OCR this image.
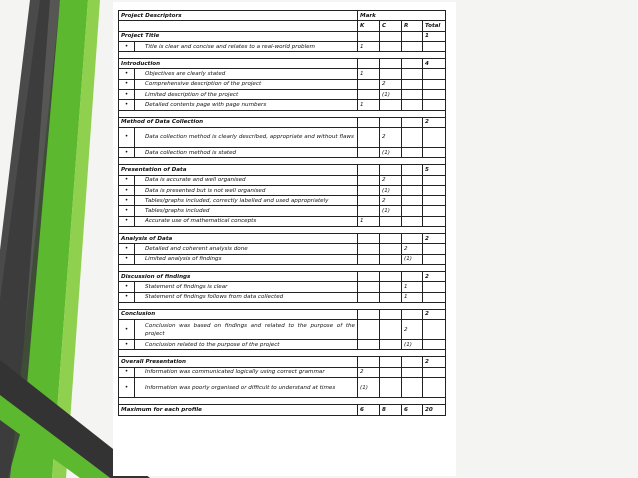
Project Descriptors		Mark			
		K	C	R	Total
Project Title					1
•	Title is clear and concise and relates to a real-world problem	1			

Introduction					4
•	Objectives are clearly stated	1			
•	Comprehensive description of the project		2		
•	Limited description of the project		(1)		
•	Detailed contents page with page numbers	1			

Method of Data Collection					2
•	Data collection method is clearly described, appropriate and without flaws		2		
•	Data collection method is stated		(1)		

Presentation of Data					5
•	Data is accurate and well organised		2		
•	Data is presented but is not well organised		(1)		
•	Tables/graphs included, correctly labelled and used appropriately		2		
•	Tables/graphs included		(1)		
•	Accurate use of mathematical concepts	1			

Analysis of Data					2
•	Detailed and coherent analysis done			2	
•	Limited analysis of findings			(1)	

Discussion of findings					2
•	Statement of findings is clear			1	
•	Statement of findings follows from data collected			1	

Conclusion					2
•	Conclusion was based on findings and related to the purpose of the project			2	
•	Conclusion related to the purpose of the project			(1)	

Overall Presentation					2
•	Information was communicated logically using correct grammar	2			
•	Information was poorly organised or difficult to understand at times	(1)			

Maximum for each profile		6	8	6	20
